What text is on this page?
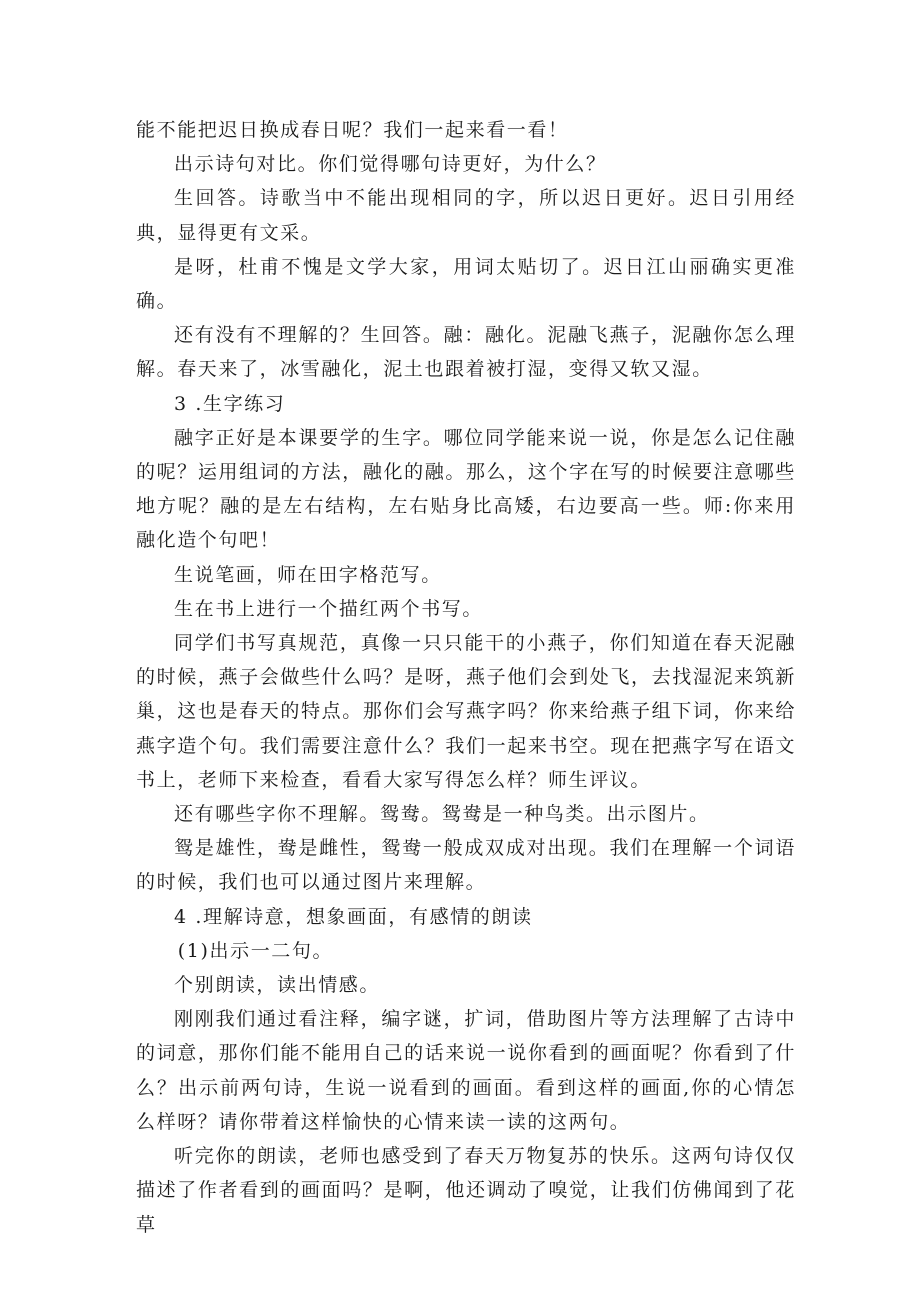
能不能把迟日换成春日呢？我们一起来看一看！

出示诗句对比。你们觉得哪句诗更好，为什么？

生回答。诗歌当中不能出现相同的字，所以迟日更好。迟日引用经典，显得更有文采。

是呀，杜甫不愧是文学大家，用词太贴切了。迟日江山丽确实更准确。

还有没有不理解的？生回答。融：融化。泥融飞燕子，泥融你怎么理解。春天来了，冰雪融化，泥土也跟着被打湿，变得又软又湿。

3 .生字练习

融字正好是本课要学的生字。哪位同学能来说一说，你是怎么记住融的呢？运用组词的方法，融化的融。那么，这个字在写的时候要注意哪些地方呢？融的是左右结构，左右贴身比高矮，右边要高一些。师:你来用融化造个句吧！

生说笔画，师在田字格范写。

生在书上进行一个描红两个书写。

同学们书写真规范，真像一只只能干的小燕子，你们知道在春天泥融的时候，燕子会做些什么吗？是呀，燕子他们会到处飞，去找湿泥来筑新巢，这也是春天的特点。那你们会写燕字吗？你来给燕子组下词，你来给燕字造个句。我们需要注意什么？我们一起来书空。现在把燕字写在语文书上，老师下来检查，看看大家写得怎么样？师生评议。

还有哪些字你不理解。鸳鸯。鸳鸯是一种鸟类。出示图片。

鸳是雄性，鸯是雌性，鸳鸯一般成双成对出现。我们在理解一个词语的时候，我们也可以通过图片来理解。

4 .理解诗意，想象画面，有感情的朗读

(1)出示一二句。

个别朗读，读出情感。

刚刚我们通过看注释，编字谜，扩词，借助图片等方法理解了古诗中的词意，那你们能不能用自己的话来说一说你看到的画面呢？你看到了什么？出示前两句诗，生说一说看到的画面。看到这样的画面,你的心情怎么样呀？请你带着这样愉快的心情来读一读的这两句。

听完你的朗读，老师也感受到了春天万物复苏的快乐。这两句诗仅仅描述了作者看到的画面吗？是啊，他还调动了嗅觉，让我们仿佛闻到了花草
